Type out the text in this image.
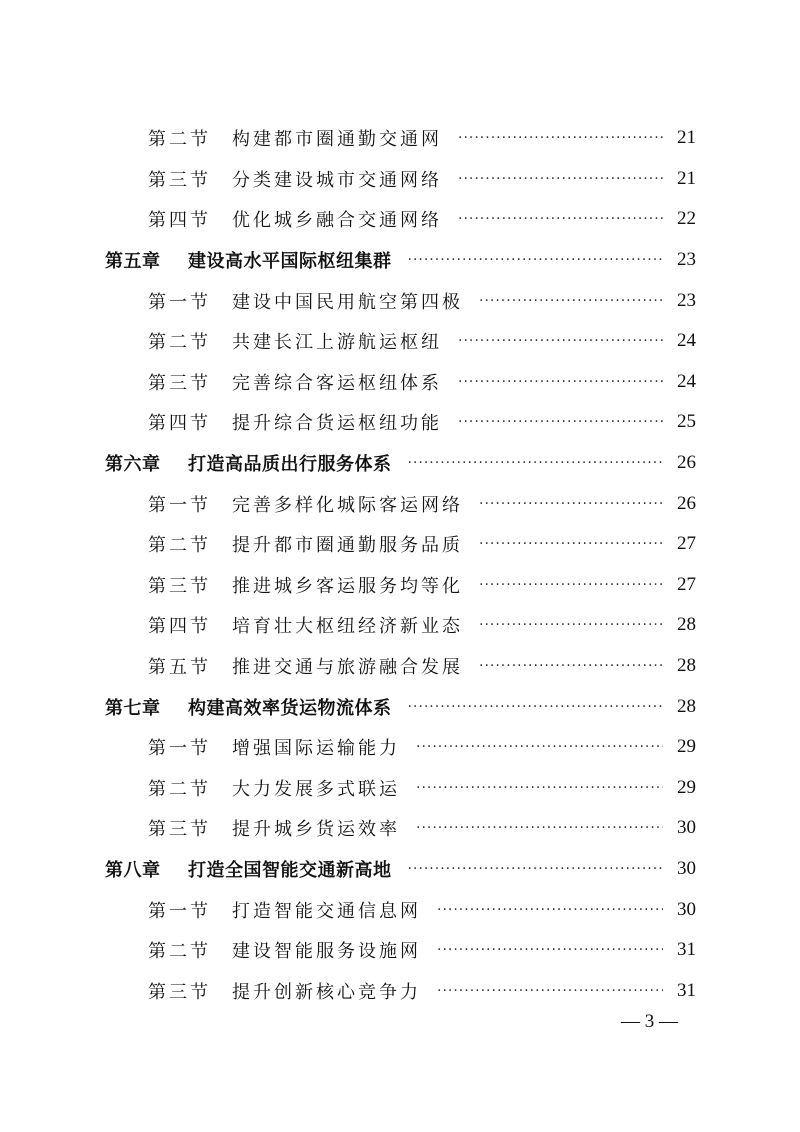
第二节	构建都市圈通勤交通网 ·····	21
第三节	分类建设城市交通网络 ·····	21
第四节	优化城乡融合交通网络 ·····	22
第五章	建设高水平国际枢纽集群 ·····	23
第一节	建设中国民用航空第四极 ·····	23
第二节	共建长江上游航运枢纽 ·····	24
第三节	完善综合客运枢纽体系 ·····	24
第四节	提升综合货运枢纽功能 ·····	25
第六章	打造高品质出行服务体系 ·····	26
第一节	完善多样化城际客运网络 ·····	26
第二节	提升都市圈通勤服务品质 ·····	27
第三节	推进城乡客运服务均等化 ·····	27
第四节	培育壮大枢纽经济新业态 ·····	28
第五节	推进交通与旅游融合发展 ·····	28
第七章	构建高效率货运物流体系 ·····	28
第一节	增强国际运输能力 ·····	29
第二节	大力发展多式联运 ·····	29
第三节	提升城乡货运效率 ·····	30
第八章	打造全国智能交通新高地 ·····	30
第一节	打造智能交通信息网 ·····	30
第二节	建设智能服务设施网 ·····	31
第三节	提升创新核心竞争力 ·····	31
— 3 —
